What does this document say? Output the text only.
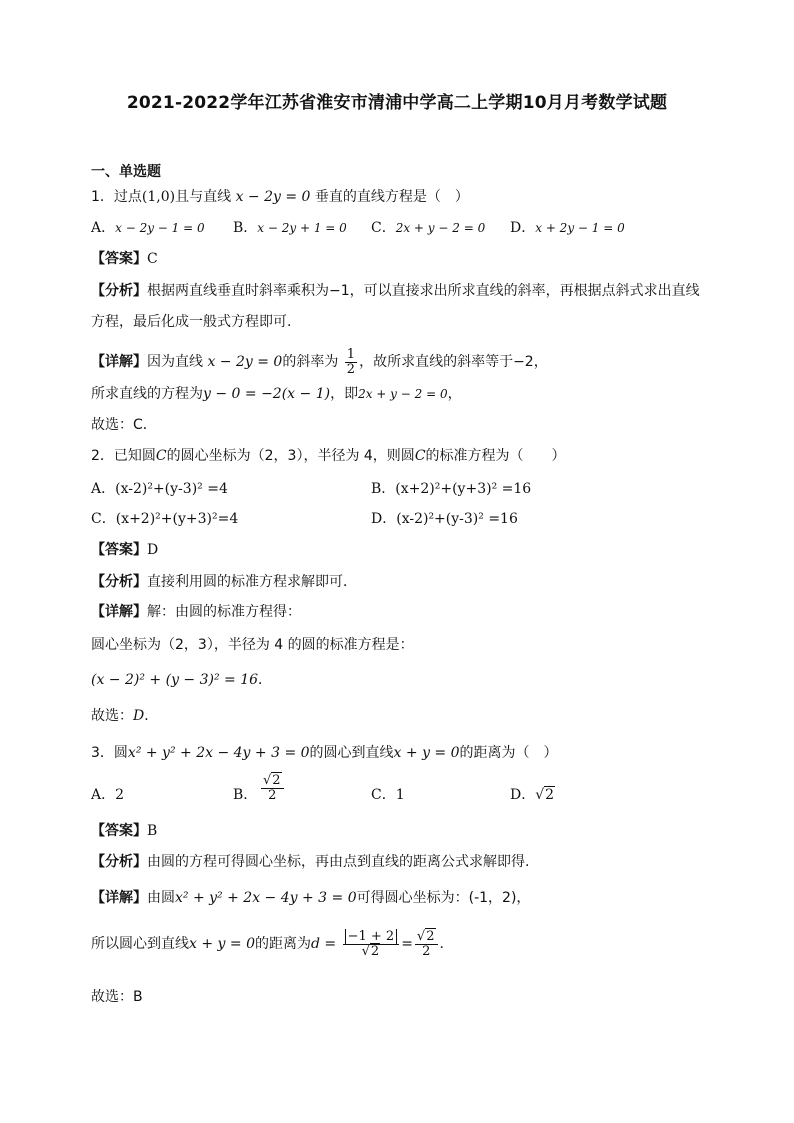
2021-2022学年江苏省淮安市清浦中学高二上学期10月月考数学试题
一、单选题
1．过点(1,0)且与直线 x − 2y = 0 垂直的直线方程是（　）
A．x − 2y − 1 = 0 B．x − 2y + 1 = 0 C．2x + y − 2 = 0 D．x + 2y − 1 = 0
【答案】C
【分析】根据两直线垂直时斜率乘积为−1，可以直接求出所求直线的斜率，再根据点斜式求出直线
方程，最后化成一般式方程即可.
【详解】因为直线 x − 2y = 0的斜率为 $\frac{1}{2}$ ，故所求直线的斜率等于−2，
所求直线的方程为y − 0 = −2(x − 1)，即2x + y − 2 = 0，
故选：C．
2．已知圆C的圆心坐标为（2，3），半径为 4，则圆C的标准方程为（　　）
A．(x-2)²+(y-3)² =4	B．(x+2)²+(y+3)² =16
C．(x+2)²+(y+3)²=4	D．(x-2)²+(y-3)² =16
【答案】D
【分析】直接利用圆的标准方程求解即可．
【详解】解：由圆的标准方程得：
圆心坐标为（2，3），半径为 4 的圆的标准方程是：
(x − 2)² + (y − 3)² = 16．
故选：D．
3．圆x² + y² + 2x − 4y + 3 = 0的圆心到直线x + y = 0的距离为（　）
A．2	B． $\frac{√2}{2}$	C．1	D．√2
【答案】B
【分析】由圆的方程可得圆心坐标，再由点到直线的距离公式求解即得.
【详解】由圆x² + y² + 2x − 4y + 3 = 0可得圆心坐标为：(-1，2)，
所以圆心到直线x + y = 0的距离为$d = \frac{-1 + 2}{√2} = \frac{√2}{2}$ .
故选：B
